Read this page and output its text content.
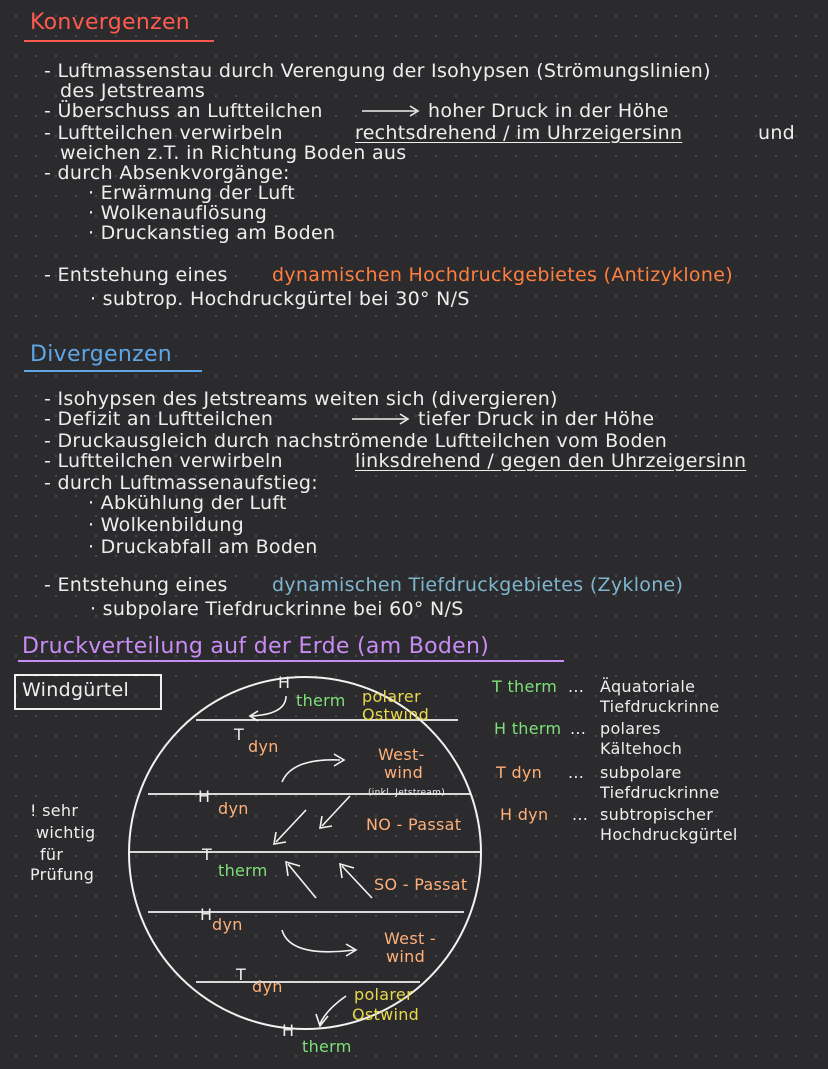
Konvergenzen
- Luftmassenstau durch Verengung der Isohypsen (Strömungslinien)
des Jetstreams
- Überschuss an Luftteilchen	hoher Druck in der Höhe
- Luftteilchen verwirbeln	rechtsdrehend / im Uhrzeigersinn	und
weichen z.T. in Richtung Boden aus
- durch Absenkvorgänge:
· Erwärmung der Luft
· Wolkenauflösung
· Druckanstieg am Boden
- Entstehung eines dynamischen Hochdruckgebietes (Antizyklone)
· subtrop. Hochdruckgürtel bei 30° N/S
Divergenzen
- Isohypsen des Jetstreams weiten sich (divergieren)
- Defizit an Luftteilchen	tiefer Druck in der Höhe
- Druckausgleich durch nachströmende Luftteilchen vom Boden
- Luftteilchen verwirbeln	linksdrehend / gegen den Uhrzeigersinn
- durch Luftmassenaufstieg:
· Abkühlung der Luft
· Wolkenbildung
· Druckabfall am Boden
- Entstehung eines dynamischen Tiefdruckgebietes (Zyklone)
· subpolare Tiefdruckrinne bei 60° N/S
Druckverteilung auf der Erde (am Boden)
Windgürtel
! sehr
wichtig
für
Prüfung
H
therm polarer
Ostwind
T
dyn	West-
wind
(inkl. Jetstream)
H
dyn
NO - Passat
T
therm
SO - Passat
H
dyn
West -
wind
T
dyn	polarer
Ostwind
H
therm
T therm ... Äquatoriale
Tiefdruckrinne
H therm ... polares
Kältehoch
T dyn ... subpolare
Tiefdruckrinne
H dyn ... subtropischer
Hochdruckgürtel
